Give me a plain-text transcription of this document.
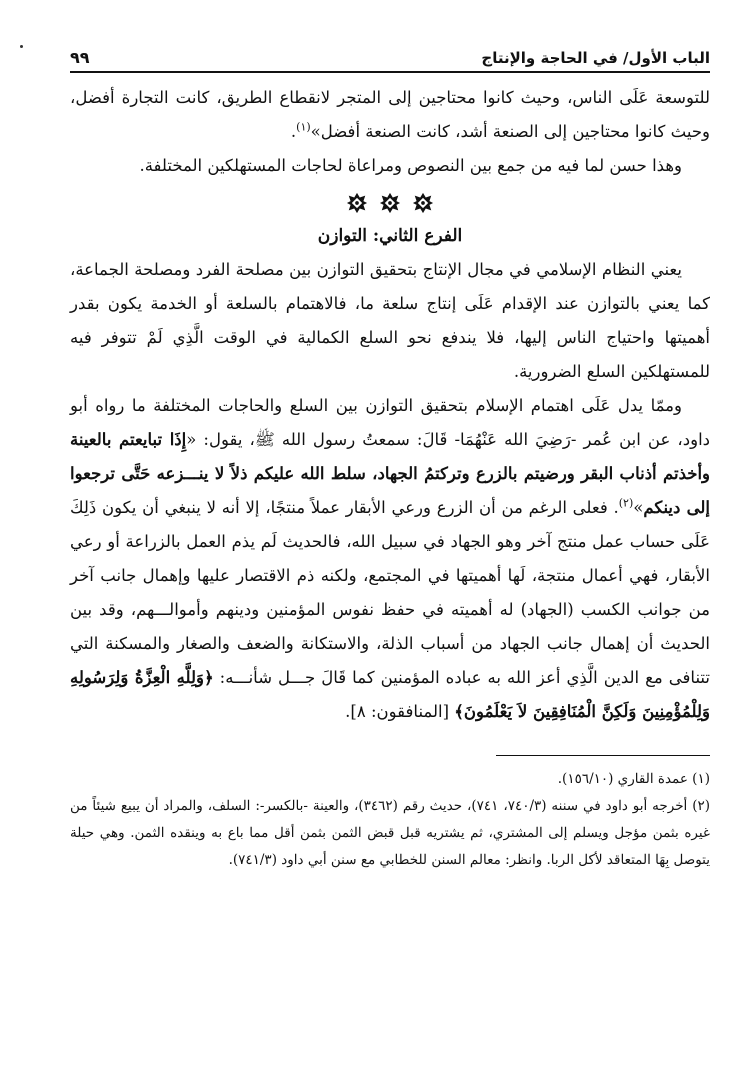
الباب الأول/ في الحاجة والإنتاج
٩٩

للتوسعة عَلَى الناس، وحيث كانوا محتاجين إلى المتجر لانقطاع الطريق، كانت التجارة أفضل، وحيث كانوا محتاجين إلى الصنعة أشد، كانت الصنعة أفضل»$^{(١)}$.

وهذا حسن لما فيه من جمع بين النصوص ومراعاة لحاجات المستهلكين المختلفة.

الفرع الثاني: التوازن

يعني النظام الإسلامي في مجال الإنتاج بتحقيق التوازن بين مصلحة الفرد ومصلحة الجماعة، كما يعني بالتوازن عند الإقدام عَلَى إنتاج سلعة ما، فالاهتمام بالسلعة أو الخدمة يكون بقدر أهميتها واحتياج الناس إليها، فلا يندفع نحو السلع الكمالية في الوقت الَّذِي لَمْ تتوفر فيه للمستهلكين السلع الضرورية.

وممّا يدل عَلَى اهتمام الإسلام بتحقيق التوازن بين السلع والحاجات المختلفة ما رواه أبو داود، عن ابن عُمر -رَضِيَ الله عَنْهُمَا- قَالَ: سمعتُ رسول الله ﷺ، يقول: «إِذَا تبايعتم بالعينة وأخذتم أذناب البقر ورضيتم بالزرع وتركتمُ الجهاد، سلط الله عليكم ذلاً لا ينـــزعه حَتَّى ترجعوا إلى دينكم»$^{(٢)}$. فعلى الرغم من أن الزرع ورعي الأبقار عملاً منتجًا، إلا أنه لا ينبغي أن يكون ذَلِكَ عَلَى حساب عمل منتج آخر وهو الجهاد في سبيل الله، فالحديث لَم يذم العمل بالزراعة أو رعي الأبقار، فهي أعمال منتجة، لَها أهميتها في المجتمع، ولكنه ذم الاقتصار عليها وإهمال جانب آخر من جوانب الكسب (الجهاد) له أهميته في حفظ نفوس المؤمنين ودينهم وأموالـــهم، وقد بين الحديث أن إهمال جانب الجهاد من أسباب الذلة، والاستكانة والضعف والصغار والمسكنة التي تتنافى مع الدين الَّذِي أعز الله به عباده المؤمنين كما قَالَ جـــل شأنـــه: ﴿وَلِلَّهِ الْعِزَّةُ وَلِرَسُولِهِ وَلِلْمُؤْمِنِينَ وَلَكِنَّ الْمُنَافِقِينَ لاَ يَعْلَمُونَ﴾ [المنافقون: ٨].

(١) عمدة القاري (١٥٦/١٠).

(٢) أخرجه أبو داود في سننه (٧٤٠/٣، ٧٤١)، حديث رقم (٣٤٦٢)، والعينة -بالكسر-: السلف، والمراد أن يبيع شيئاً من غيره بثمن مؤجل ويسلم إلى المشتري، ثم يشتريه قبل قبض الثمن بثمن أقل مما باع به وينقده الثمن. وهي حيلة يتوصل بِهَا المتعاقد لأكل الربا. وانظر: معالم السنن للخطابي مع سنن أبي داود (٧٤١/٣).
